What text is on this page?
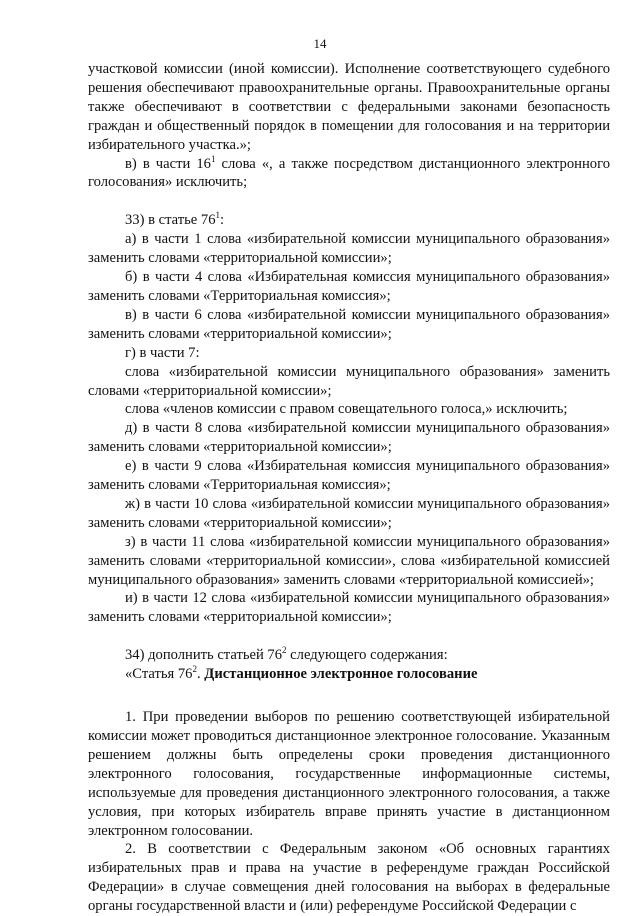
14

участковой комиссии (иной комиссии). Исполнение соответствующего судебного решения обеспечивают правоохранительные органы. Правоохранительные органы также обеспечивают в соответствии с федеральными законами безопасность граждан и общественный порядок в помещении для голосования и на территории избирательного участка.»;

в) в части $16^1$ слова «, а также посредством дистанционного электронного голосования» исключить;

33) в статье $76^1$:

а) в части 1 слова «избирательной комиссии муниципального образования» заменить словами «территориальной комиссии»;

б) в части 4 слова «Избирательная комиссия муниципального образования» заменить словами «Территориальная комиссия»;

в) в части 6 слова «избирательной комиссии муниципального образования» заменить словами «территориальной комиссии»;

г) в части 7:

слова «избирательной комиссии муниципального образования» заменить словами «территориальной комиссии»;

слова «членов комиссии с правом совещательного голоса,» исключить;

д) в части 8 слова «избирательной комиссии муниципального образования» заменить словами «территориальной комиссии»;

е) в части 9 слова «Избирательная комиссия муниципального образования» заменить словами «Территориальная комиссия»;

ж) в части 10 слова «избирательной комиссии муниципального образования» заменить словами «территориальной комиссии»;

з) в части 11 слова «избирательной комиссии муниципального образования» заменить словами «территориальной комиссии», слова «избирательной комиссией муниципального образования» заменить словами «территориальной комиссией»;

и) в части 12 слова «избирательной комиссии муниципального образования» заменить словами «территориальной комиссии»;

34) дополнить статьей $76^2$ следующего содержания:

«Статья $76^2$. Дистанционное электронное голосование

1. При проведении выборов по решению соответствующей избирательной комиссии может проводиться дистанционное электронное голосование. Указанным решением должны быть определены сроки проведения дистанционного электронного голосования, государственные информационные системы, используемые для проведения дистанционного электронного голосования, а также условия, при которых избиратель вправе принять участие в дистанционном электронном голосовании.

2. В соответствии с Федеральным законом «Об основных гарантиях избирательных прав и права на участие в референдуме граждан Российской Федерации» в случае совмещения дней голосования на выборах в федеральные органы государственной власти и (или) референдуме Российской Федерации с
